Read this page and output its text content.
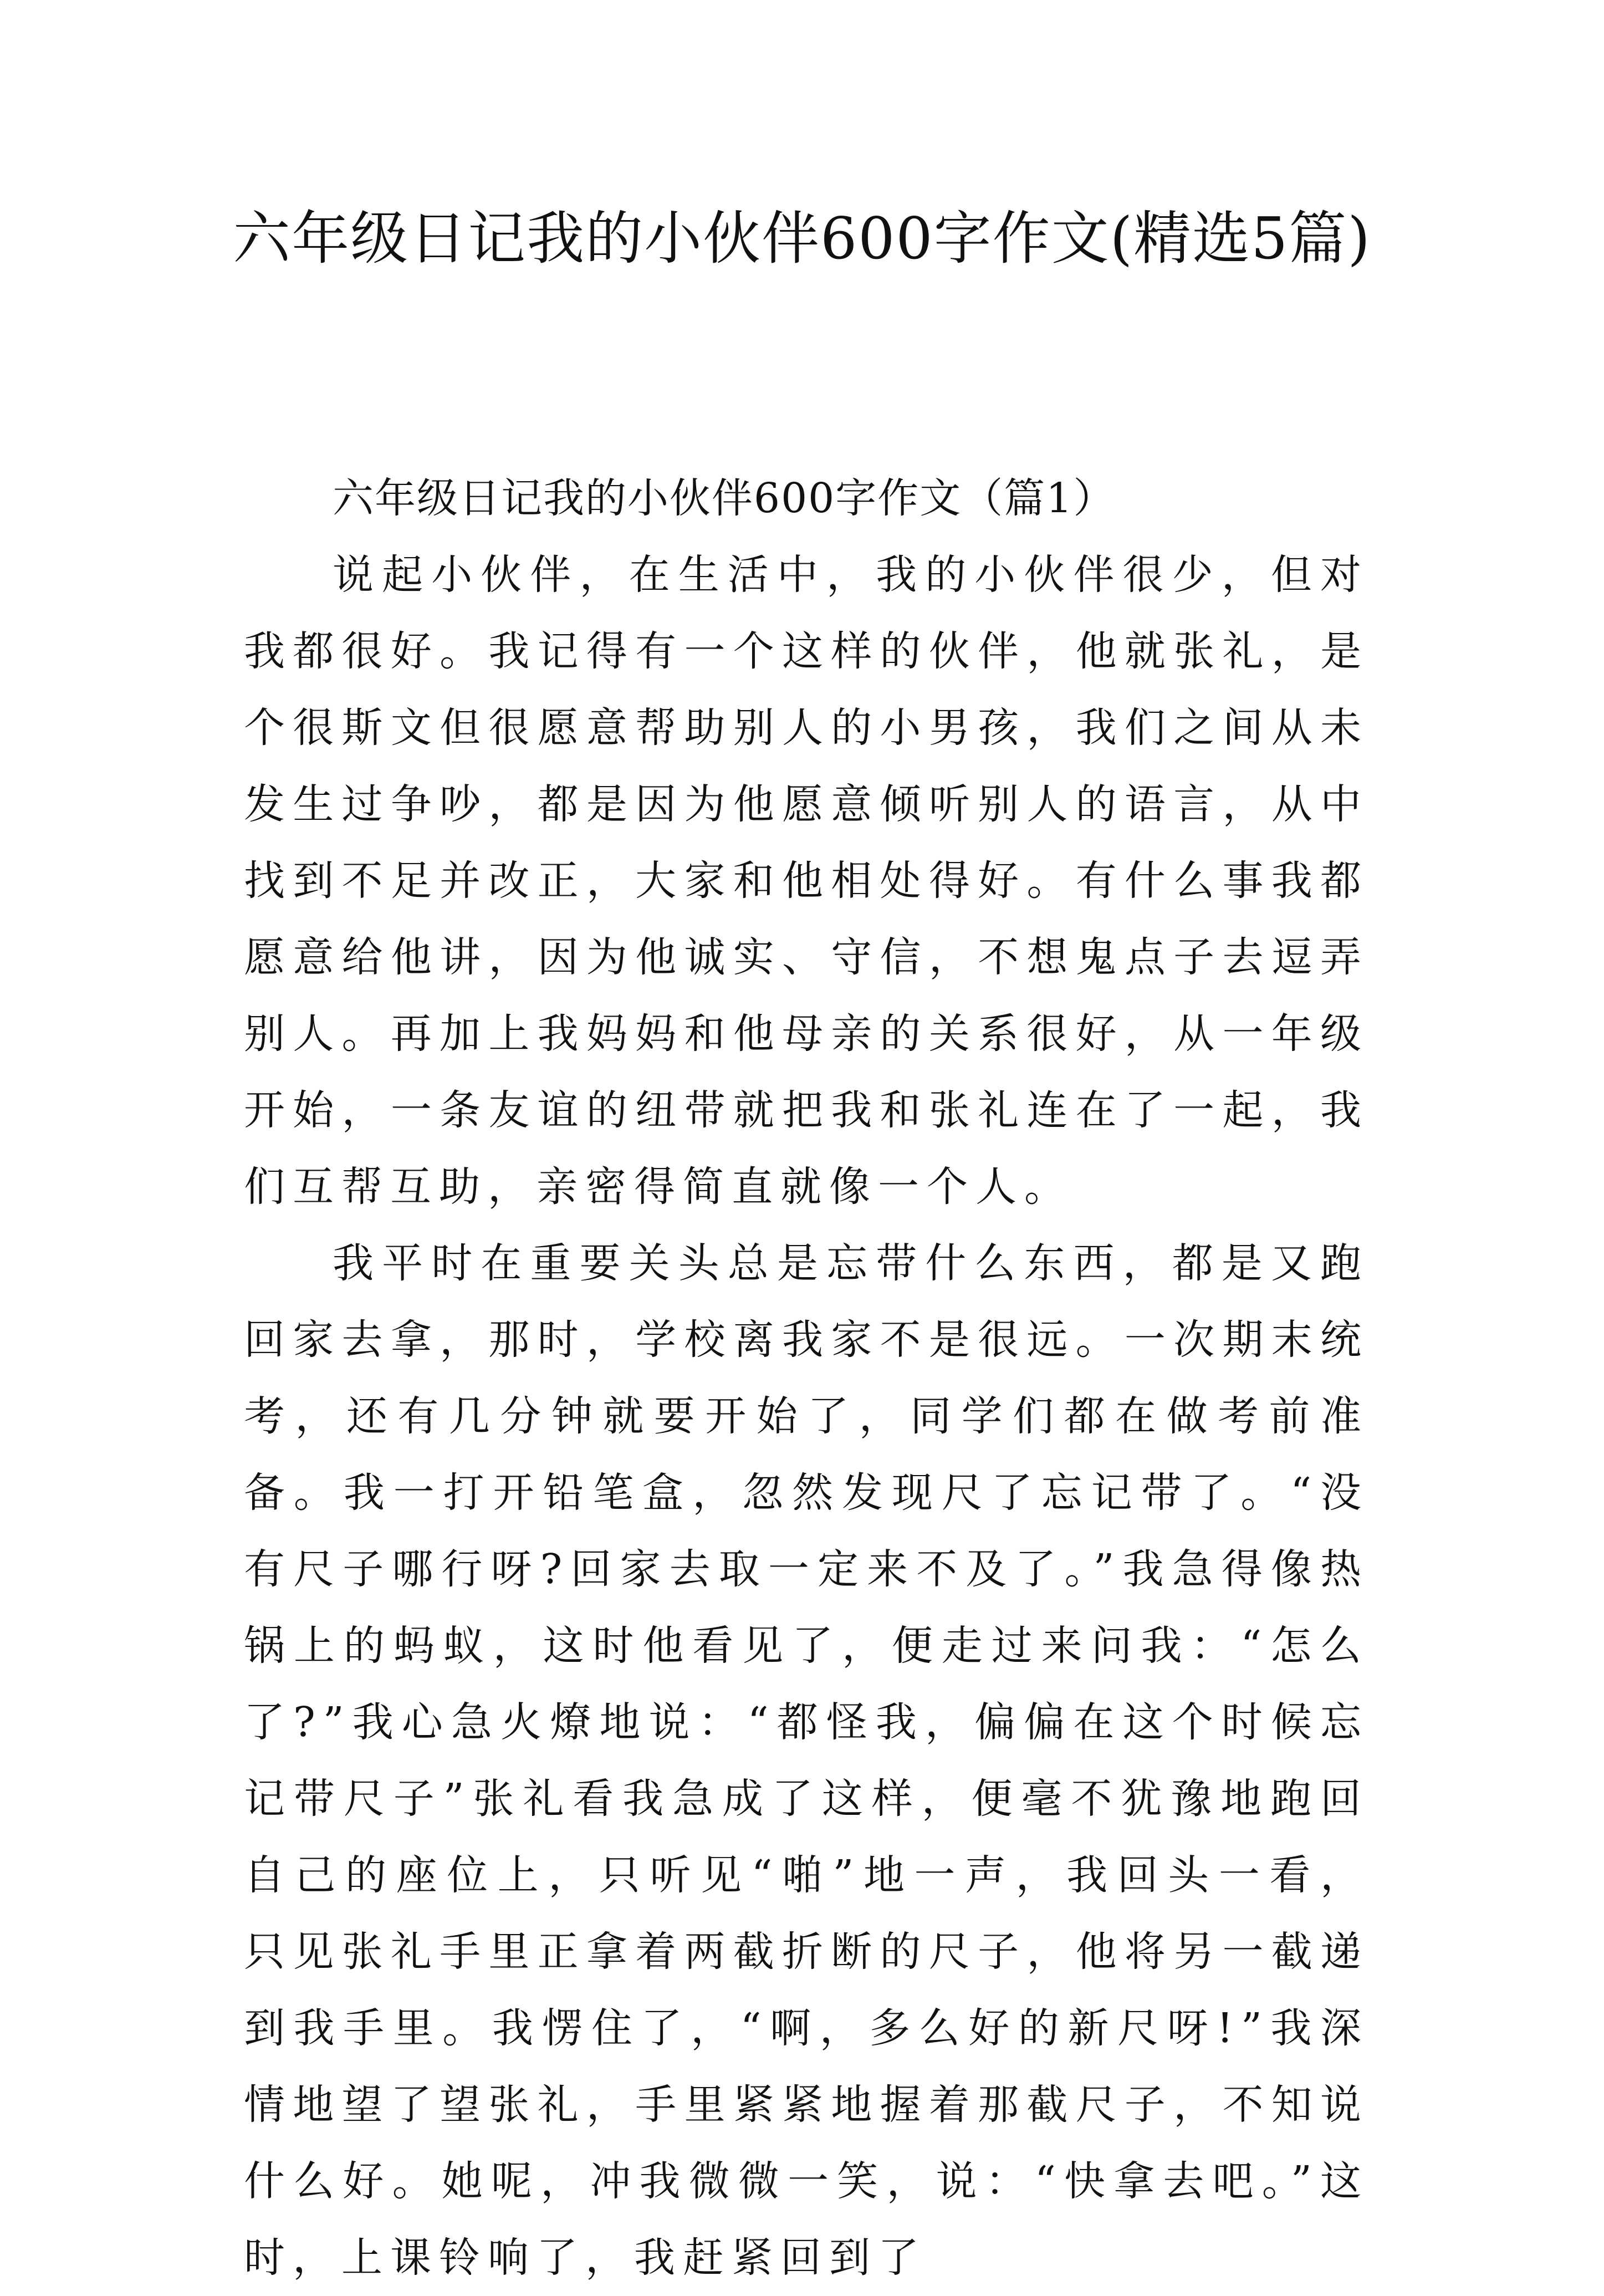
六年级日记我的小伙伴600字作文(精选5篇)
六年级日记我的小伙伴600字作文（篇1）

说起小伙伴，在生活中，我的小伙伴很少，但对我都很好。我记得有一个这样的伙伴，他就张礼，是个很斯文但很愿意帮助别人的小男孩，我们之间从未发生过争吵，都是因为他愿意倾听别人的语言，从中找到不足并改正，大家和他相处得好。有什么事我都愿意给他讲，因为他诚实、守信，不想鬼点子去逗弄别人。再加上我妈妈和他母亲的关系很好，从一年级开始，一条友谊的纽带就把我和张礼连在了一起，我们互帮互助，亲密得简直就像一个人。

我平时在重要关头总是忘带什么东西，都是又跑回家去拿，那时，学校离我家不是很远。一次期末统考，还有几分钟就要开始了，同学们都在做考前准备。我一打开铅笔盒，忽然发现尺了忘记带了。“没有尺子哪行呀?回家去取一定来不及了。”我急得像热锅上的蚂蚁，这时他看见了，便走过来问我：“怎么了?”我心急火燎地说：“都怪我，偏偏在这个时候忘记带尺子”张礼看我急成了这样，便毫不犹豫地跑回自己的座位上，只听见“啪”地一声，我回头一看，只见张礼手里正拿着两截折断的尺子，他将另一截递到我手里。我愣住了，“啊，多么好的新尺呀!”我深情地望了望张礼，手里紧紧地握着那截尺子，不知说什么好。她呢，冲我微微一笑，说：“快拿去吧。”这时，上课铃响了，我赶紧回到了
